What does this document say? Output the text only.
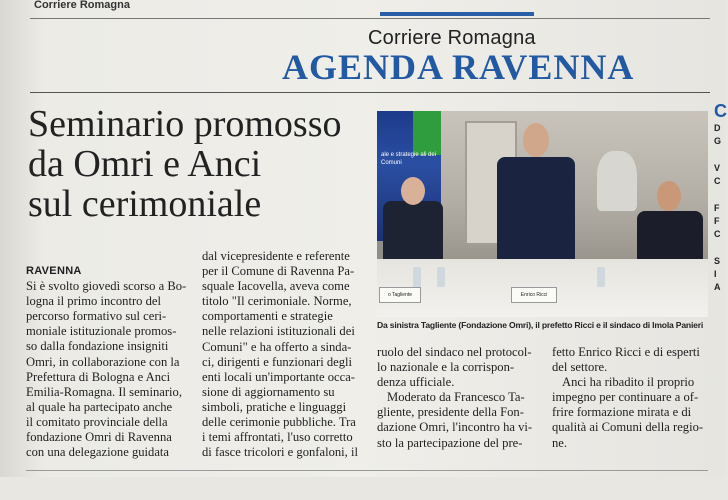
Corriere Romagna
Corriere Romagna
AGENDA RAVENNA
C
D
G
V
C
F
F
C
S
I
A
Seminario promosso
da Omri e Anci
sul cerimoniale
ale e strategie ali dei Comuni
o Tagliente	Enrico Ricci
Da sinistra Tagliente (Fondazione Omri), il prefetto Ricci e il sindaco di Imola Panieri
RAVENNA
Si è svolto giovedì scorso a Bo-
logna il primo incontro del
percorso formativo sul ceri-
moniale istituzionale promos-
so dalla fondazione insigniti
Omri, in collaborazione con la
Prefettura di Bologna e Anci
Emilia-Romagna. Il seminario,
al quale ha partecipato anche
il comitato provinciale della
fondazione Omri di Ravenna
con una delegazione guidata
dal vicepresidente e referente
per il Comune di Ravenna Pa-
squale Iacovella, aveva come
titolo "Il cerimoniale. Norme,
comportamenti e strategie
nelle relazioni istituzionali dei
Comuni" e ha offerto a sinda-
ci, dirigenti e funzionari degli
enti locali un'importante occa-
sione di aggiornamento su
simboli, pratiche e linguaggi
delle cerimonie pubbliche. Tra
i temi affrontati, l'uso corretto
di fasce tricolori e gonfaloni, il
ruolo del sindaco nel protocol-
lo nazionale e la corrispon-
denza ufficiale.
Moderato da Francesco Ta-
gliente, presidente della Fon-
dazione Omri, l'incontro ha vi-
sto la partecipazione del pre-
fetto Enrico Ricci e di esperti
del settore.
Anci ha ribadito il proprio
impegno per continuare a of-
frire formazione mirata e di
qualità ai Comuni della regio-
ne.
